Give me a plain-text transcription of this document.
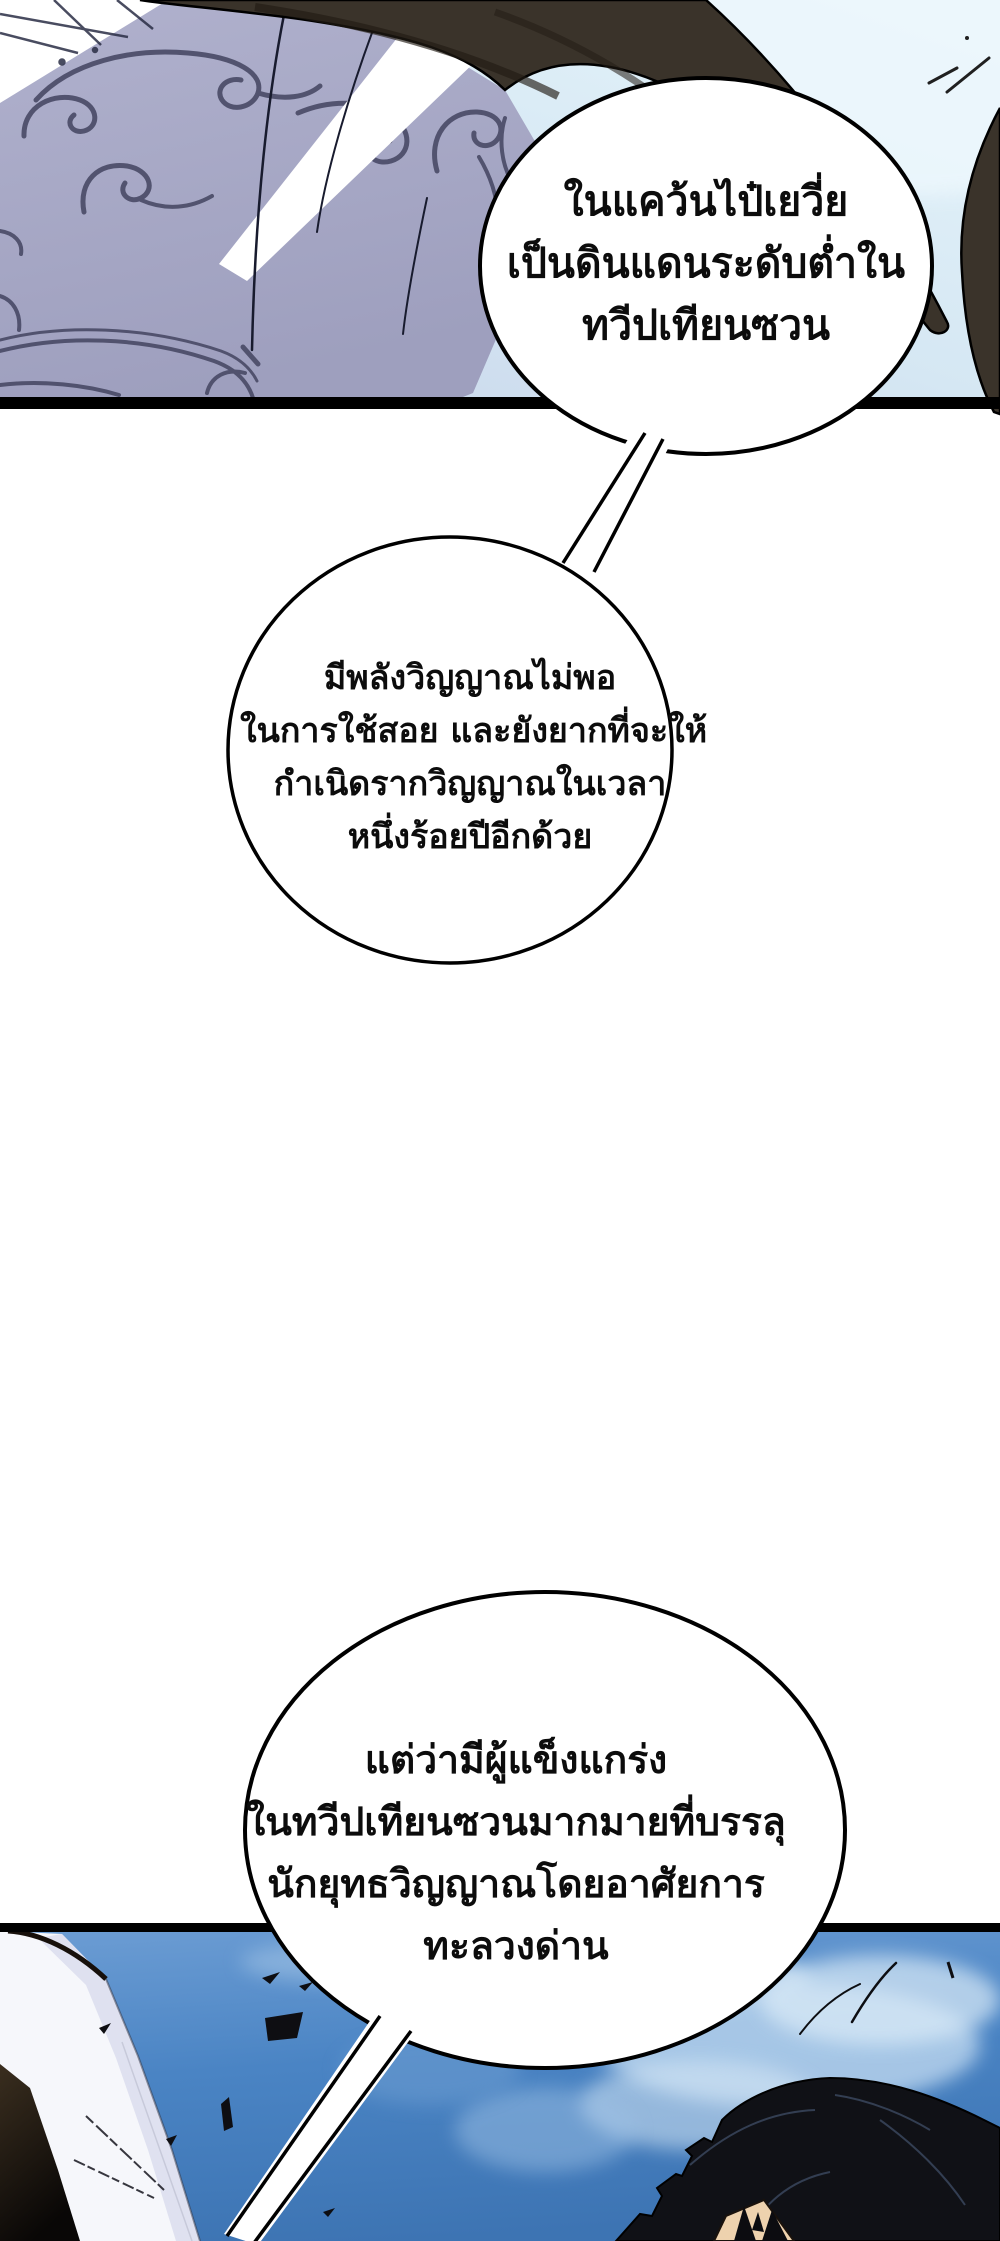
ในแคว้นไป๋เยวี่ย
เป็นดินแดนระดับต่ำใน
ทวีปเทียนซวน
มีพลังวิญญาณไม่พอ
ในการใช้สอย และยังยากที่จะให้
กำเนิดรากวิญญาณในเวลา
หนึ่งร้อยปีอีกด้วย
แต่ว่ามีผู้แข็งแกร่ง
ในทวีปเทียนซวนมากมายที่บรรลุ
นักยุทธวิญญาณโดยอาศัยการ
ทะลวงด่าน
